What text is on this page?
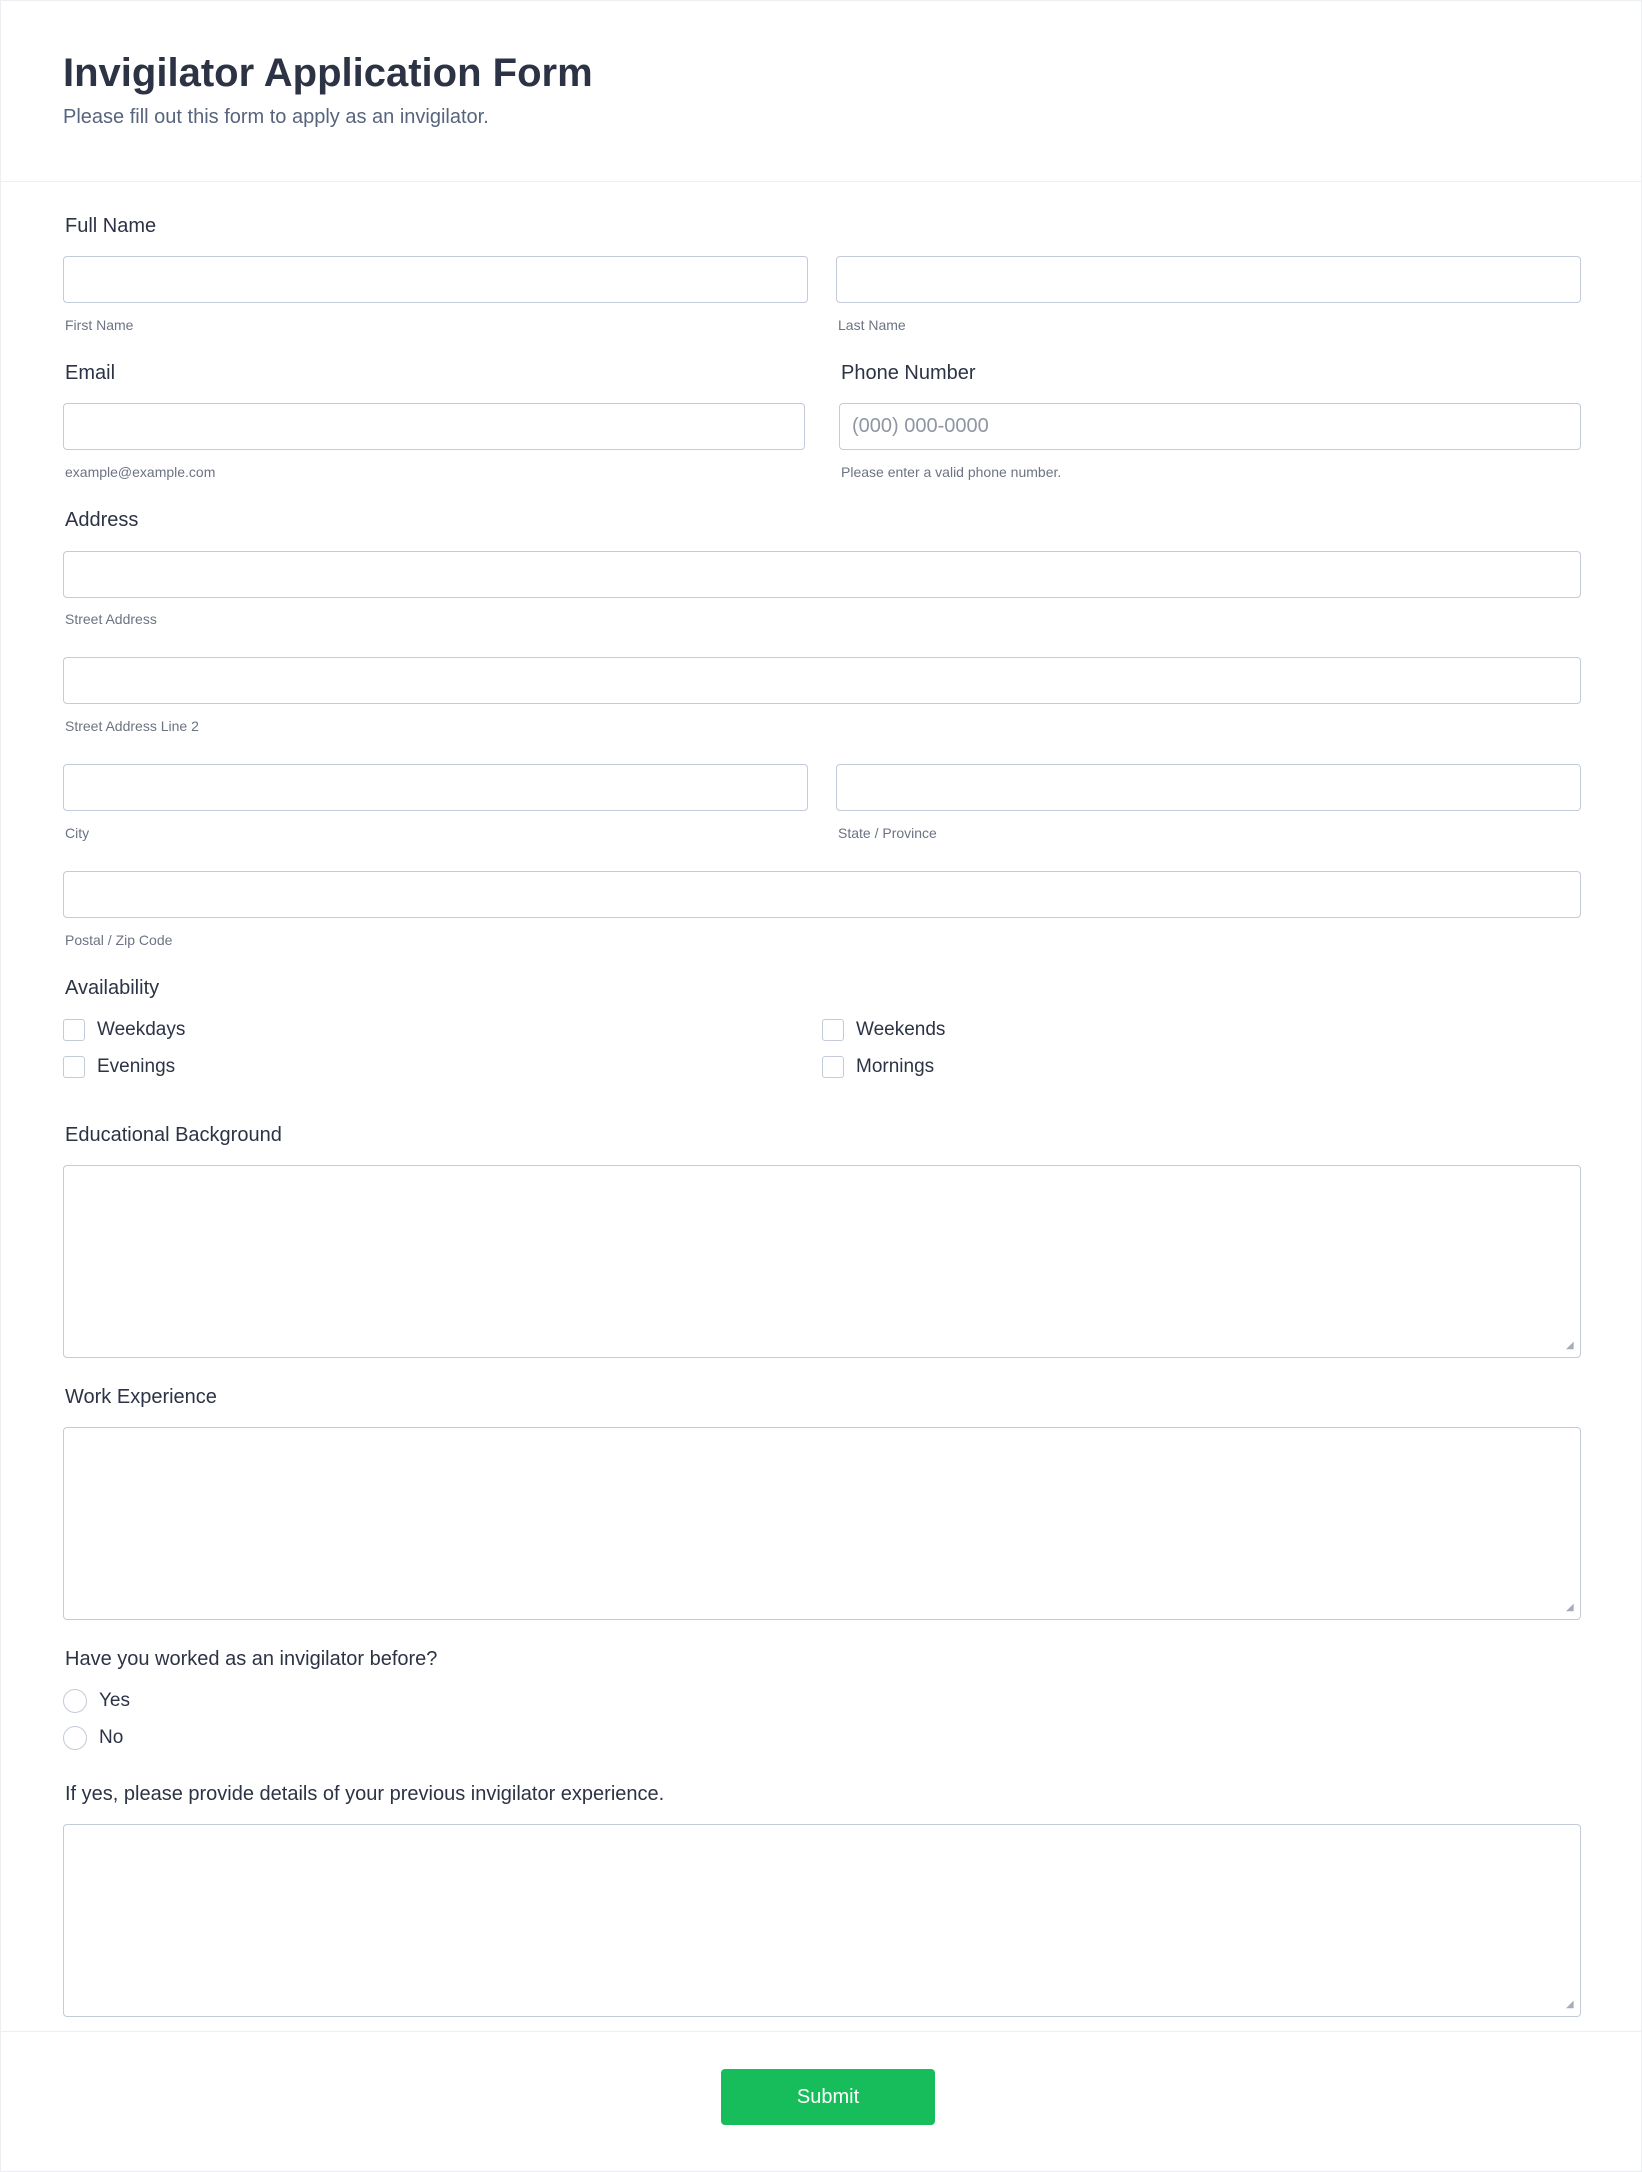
Invigilator Application Form

Please fill out this form to apply as an invigilator.

Full Name
First Name	Last Name
Email	Phone Number
(000) 000-0000
example@example.com	Please enter a valid phone number.
Address
Street Address
Street Address Line 2
City	State / Province
Postal / Zip Code
Availability
Weekdays	Weekends
Evenings	Mornings
Educational Background
◢
Work Experience
◢
Have you worked as an invigilator before?
Yes
No
If yes, please provide details of your previous invigilator experience.
◢
Submit
